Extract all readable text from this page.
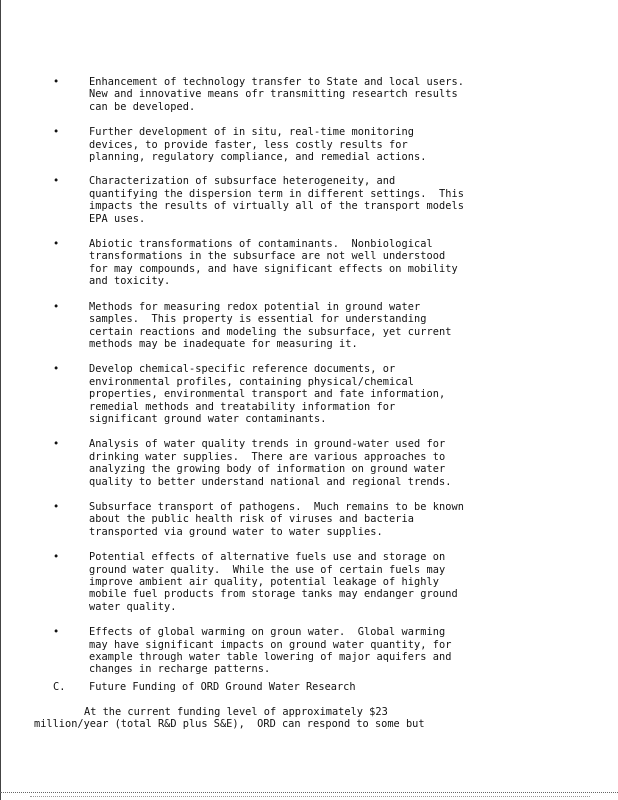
•	Enhancement of technology transfer to State and local users.
New and innovative means ofr transmitting researtch results
can be developed.
•	Further development of in situ, real-time monitoring
devices, to provide faster, less costly results for
planning, regulatory compliance, and remedial actions.
•	Characterization of subsurface heterogeneity, and
quantifying the dispersion term in different settings.  This
impacts the results of virtually all of the transport models
EPA uses.
•	Abiotic transformations of contaminants.  Nonbiological
transformations in the subsurface are not well understood
for may compounds, and have significant effects on mobility
and toxicity.
•	Methods for measuring redox potential in ground water
samples.  This property is essential for understanding
certain reactions and modeling the subsurface, yet current
methods may be inadequate for measuring it.
•	Develop chemical-specific reference documents, or
environmental profiles, containing physical/chemical
properties, environmental transport and fate information,
remedial methods and treatability information for
significant ground water contaminants.
•	Analysis of water quality trends in ground-water used for
drinking water supplies.  There are various approaches to
analyzing the growing body of information on ground water
quality to better understand national and regional trends.
•	Subsurface transport of pathogens.  Much remains to be known
about the public health risk of viruses and bacteria
transported via ground water to water supplies.
•	Potential effects of alternative fuels use and storage on
ground water quality.  While the use of certain fuels may
improve ambient air quality, potential leakage of highly
mobile fuel products from storage tanks may endanger ground
water quality.
•	Effects of global warming on groun water.  Global warming
may have significant impacts on ground water quantity, for
example through water table lowering of major aquifers and
changes in recharge patterns.
C. Future Funding of ORD Ground Water Research
At the current funding level of approximately $23
million/year (total R&D plus S&E),  ORD can respond to some but
